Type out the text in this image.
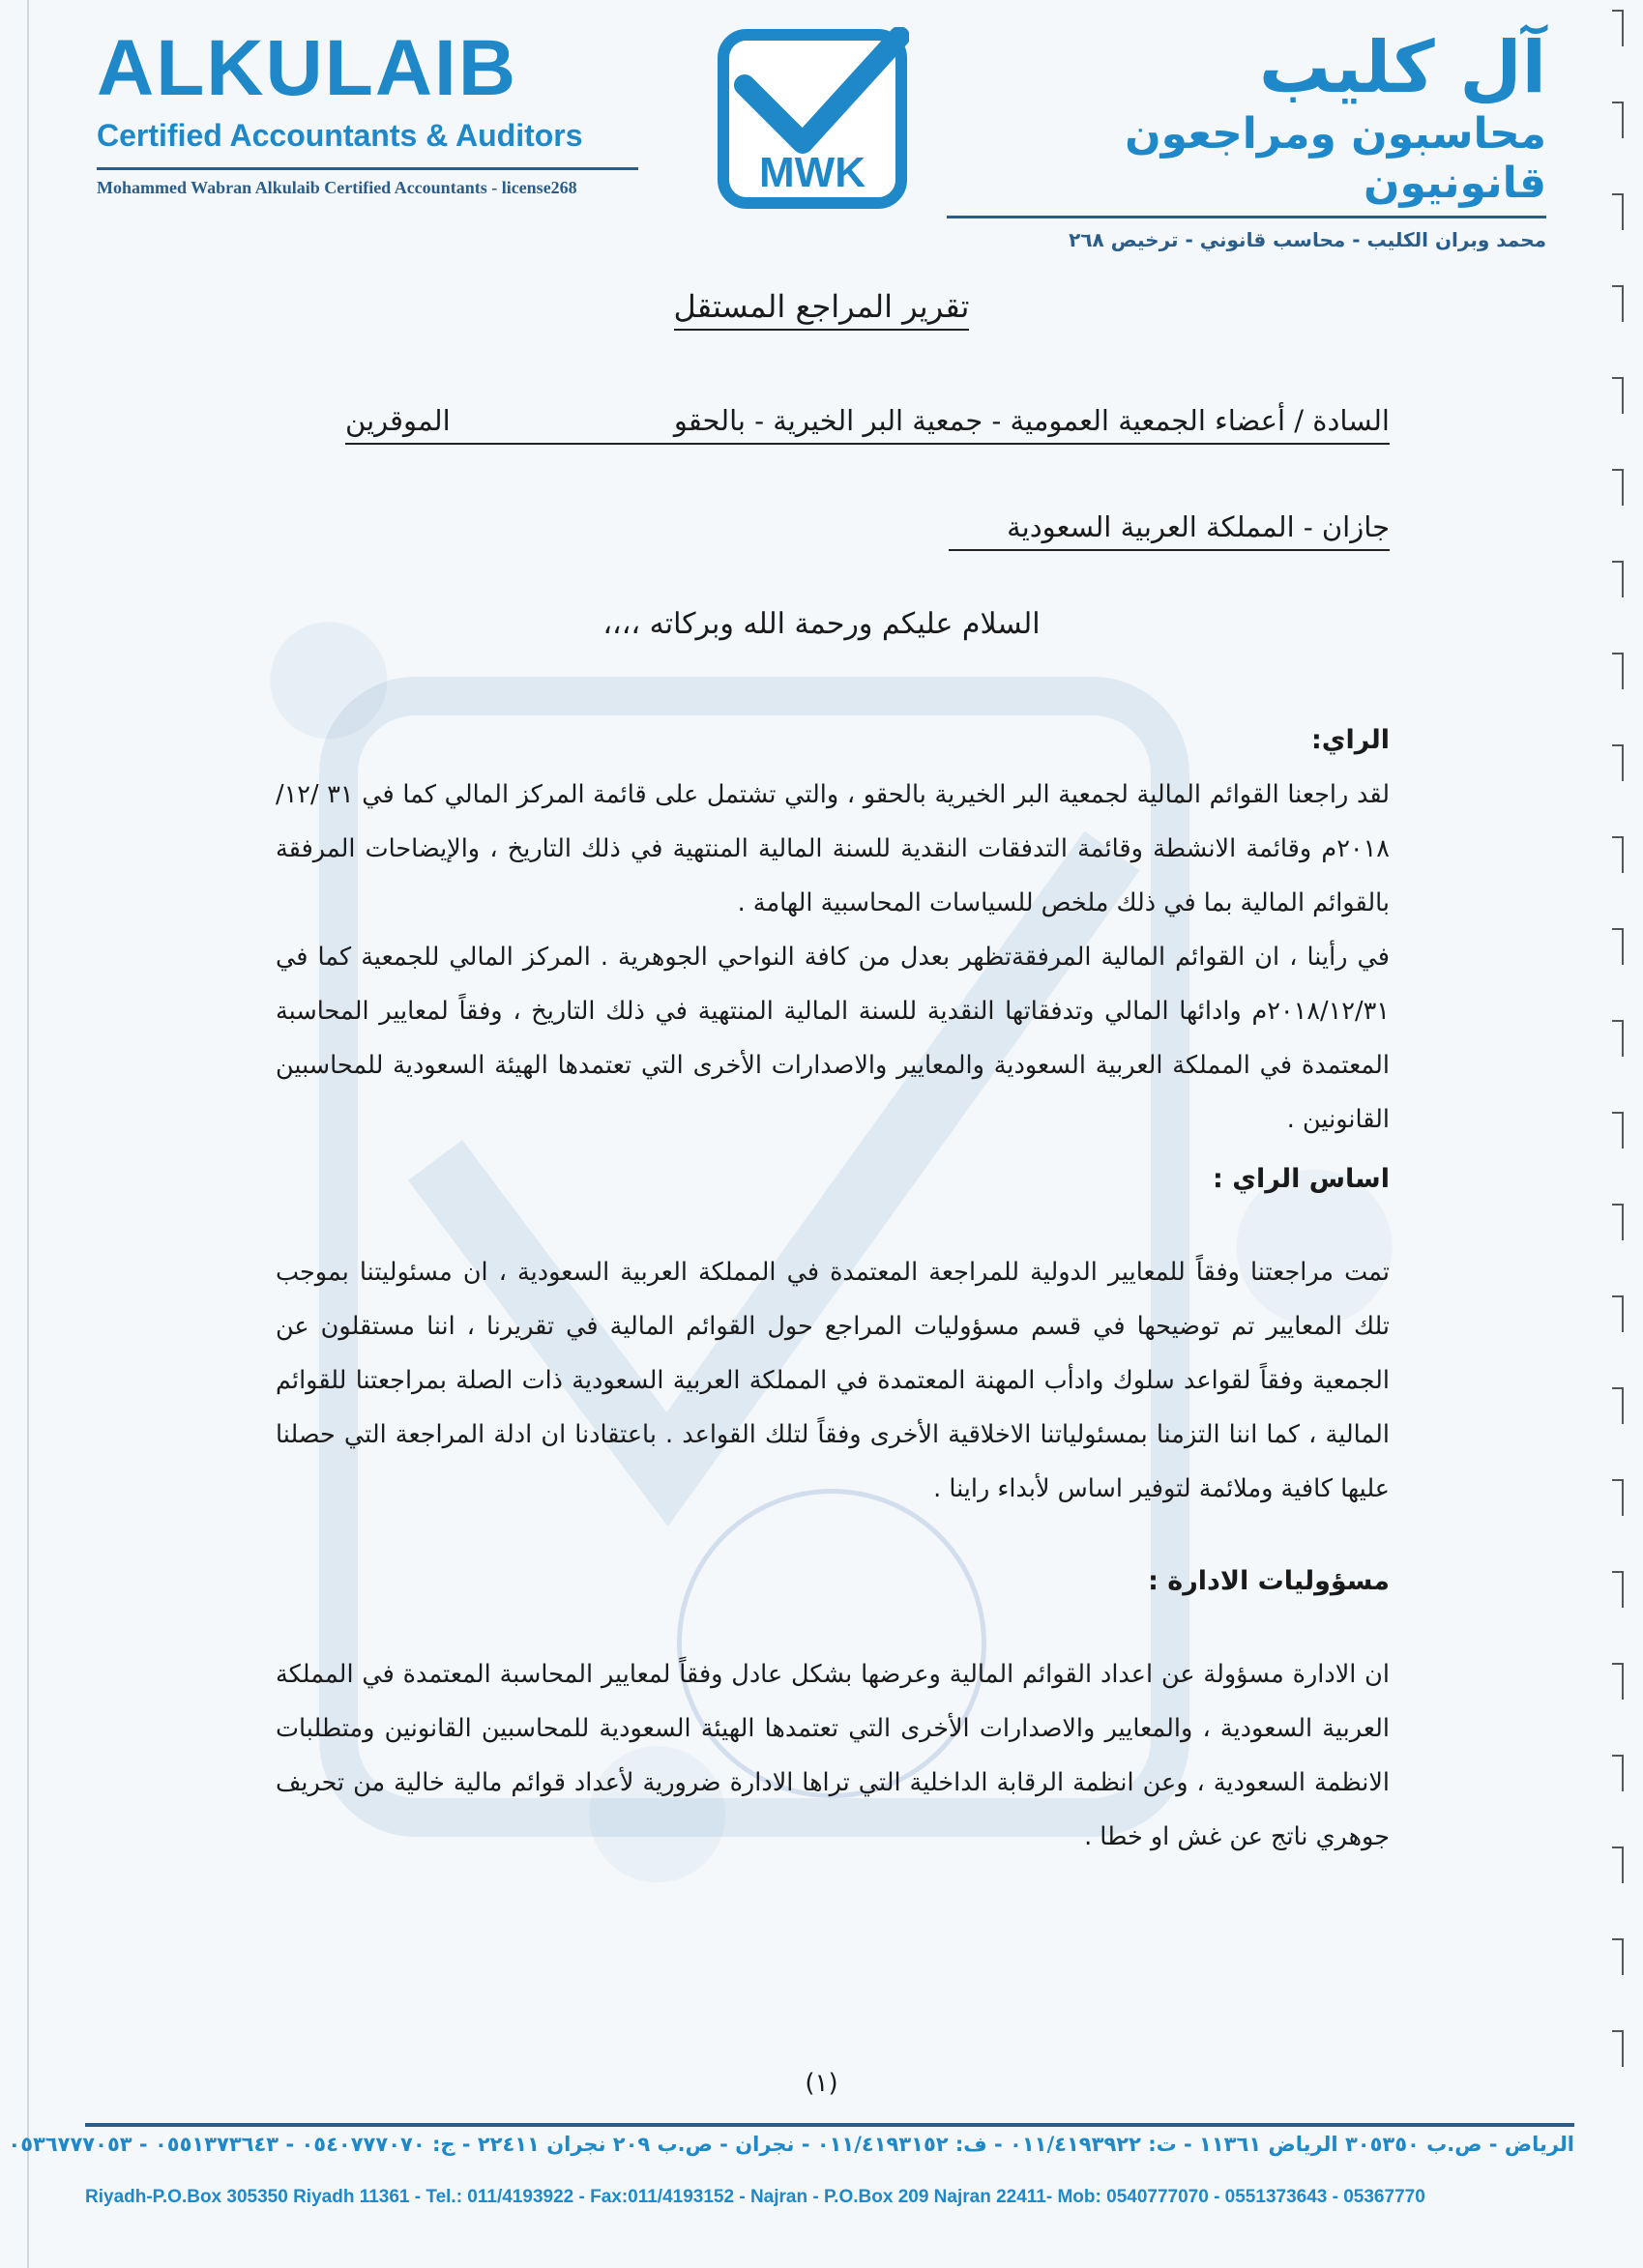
ALKULAIB
Certified Accountants & Auditors
Mohammed Wabran Alkulaib Certified Accountants - license268	MWK
آل كليب
محاسبون ومراجعون قانونيون
محمد وبران الكليب - محاسب قانوني - ترخيص ٢٦٨
تقرير المراجع المستقل
السادة / أعضاء الجمعية العمومية - جمعية البر الخيرية - بالحقو
الموقرين
جازان - المملكة العربية السعودية
السلام عليكم ورحمة الله وبركاته ،،،،

الراي:

لقد راجعنا القوائم المالية لجمعية البر الخيرية بالحقو ، والتي تشتمل على قائمة المركز المالي كما في ٣١ /١٢/ ٢٠١٨م وقائمة الانشطة وقائمة التدفقات النقدية للسنة المالية المنتهية في ذلك التاريخ ، والإيضاحات المرفقة بالقوائم المالية بما في ذلك ملخص للسياسات المحاسبية الهامة .

في رأينا ، ان القوائم المالية المرفقةتظهر بعدل من كافة النواحي الجوهرية . المركز المالي للجمعية كما في ٢٠١٨/١٢/٣١م وادائها المالي وتدفقاتها النقدية للسنة المالية المنتهية في ذلك التاريخ ، وفقاً لمعايير المحاسبة المعتمدة في المملكة العربية السعودية والمعايير والاصدارات الأخرى التي تعتمدها الهيئة السعودية للمحاسبين القانونين .

اساس الراي :

تمت مراجعتنا وفقاً للمعايير الدولية للمراجعة المعتمدة في المملكة العربية السعودية ، ان مسئوليتنا بموجب تلك المعايير تم توضيحها في قسم مسؤوليات المراجع حول القوائم المالية في تقريرنا ، اننا مستقلون عن الجمعية وفقاً لقواعد سلوك وادأب المهنة المعتمدة في المملكة العربية السعودية ذات الصلة بمراجعتنا للقوائم المالية ، كما اننا التزمنا بمسئولياتنا الاخلاقية الأخرى وفقاً لتلك القواعد . باعتقادنا ان ادلة المراجعة التي حصلنا عليها كافية وملائمة لتوفير اساس لأبداء راينا .

مسؤوليات الادارة :

ان الادارة مسؤولة عن اعداد القوائم المالية وعرضها بشكل عادل وفقاً لمعايير المحاسبة المعتمدة في المملكة العربية السعودية ، والمعايير والاصدارات الأخرى التي تعتمدها الهيئة السعودية للمحاسبين القانونين ومتطلبات الانظمة السعودية ، وعن انظمة الرقابة الداخلية التي تراها الادارة ضرورية لأعداد قوائم مالية خالية من تحريف جوهري ناتج عن غش او خطا .

(١)
الرياض - ص.ب ٣٠٥٣٥٠ الرياض ١١٣٦١ - ت: ٠١١/٤١٩٣٩٢٢ - ف: ٠١١/٤١٩٣١٥٢ - نجران - ص.ب ٢٠٩ نجران ٢٢٤١١ - ج: ٠٥٤٠٧٧٧٠٧٠ - ٠٥٥١٣٧٣٦٤٣ - ٠٥٣٦٧٧٧٠٥٣
Riyadh-P.O.Box 305350 Riyadh 11361 - Tel.: 011/4193922 - Fax:011/4193152 - Najran - P.O.Box 209 Najran 22411- Mob: 0540777070 - 0551373643 - 05367770
